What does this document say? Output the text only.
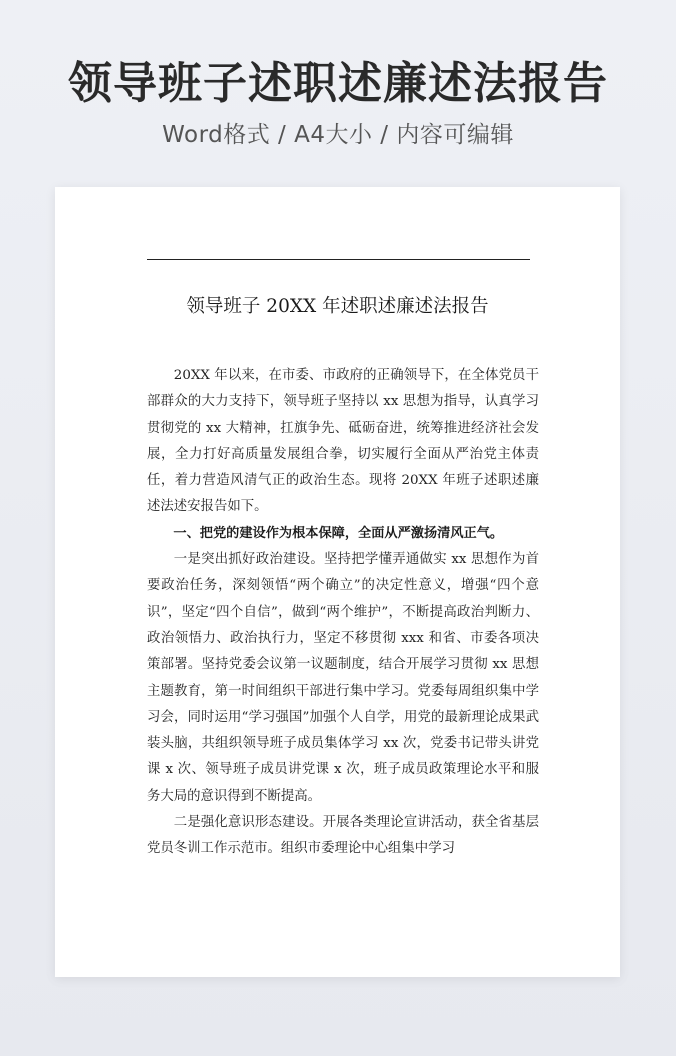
领导班子述职述廉述法报告
Word格式 / A4大小 / 内容可编辑
领导班子 20XX 年述职述廉述法报告

20XX 年以来，在市委、市政府的正确领导下，在全体党员干部群众的大力支持下，领导班子坚持以 xx 思想为指导，认真学习贯彻党的 xx 大精神，扛旗争先、砥砺奋进，统筹推进经济社会发展，全力打好高质量发展组合拳，切实履行全面从严治党主体责任，着力营造风清气正的政治生态。现将 20XX 年班子述职述廉述法述安报告如下。

一、把党的建设作为根本保障，全面从严激扬清风正气。

一是突出抓好政治建设。坚持把学懂弄通做实 xx 思想作为首要政治任务，深刻领悟“两个确立”的决定性意义，增强“四个意识”，坚定“四个自信”，做到“两个维护”，不断提高政治判断力、政治领悟力、政治执行力，坚定不移贯彻 xxx 和省、市委各项决策部署。坚持党委会议第一议题制度，结合开展学习贯彻 xx 思想主题教育，第一时间组织干部进行集中学习。党委每周组织集中学习会，同时运用“学习强国”加强个人自学，用党的最新理论成果武装头脑，共组织领导班子成员集体学习 xx 次，党委书记带头讲党课 x 次、领导班子成员讲党课 x 次，班子成员政策理论水平和服务大局的意识得到不断提高。

二是强化意识形态建设。开展各类理论宣讲活动，获全省基层党员冬训工作示范市。组织市委理论中心组集中学习
